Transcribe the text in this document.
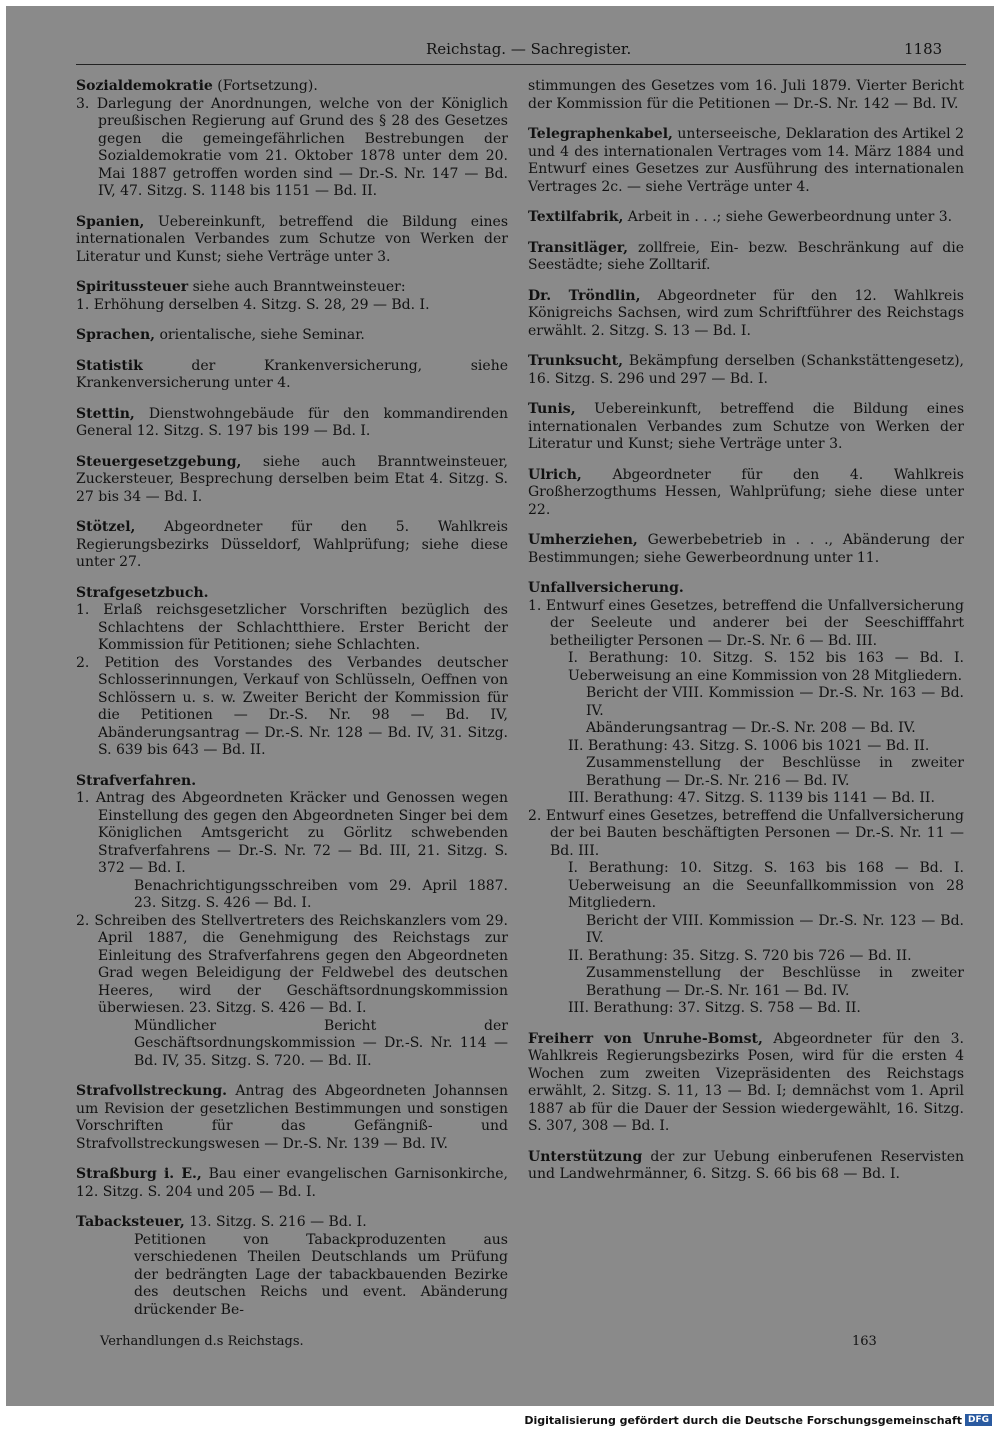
Reichstag. — Sachregister.	1183

Sozialdemokratie (Fortsetzung).

3. Darlegung der Anordnungen, welche von der Königlich preußischen Regierung auf Grund des § 28 des Gesetzes gegen die gemeingefährlichen Bestrebungen der Sozialdemokratie vom 21. Oktober 1878 unter dem 20. Mai 1887 getroffen worden sind — Dr.-S. Nr. 147 — Bd. IV, 47. Sitzg. S. 1148 bis 1151 — Bd. II.

Spanien, Uebereinkunft, betreffend die Bildung eines internationalen Verbandes zum Schutze von Werken der Literatur und Kunst; siehe Verträge unter 3.

Spiritussteuer siehe auch Branntweinsteuer:

1. Erhöhung derselben 4. Sitzg. S. 28, 29 — Bd. I.

Sprachen, orientalische, siehe Seminar.

Statistik der Krankenversicherung, siehe Krankenversicherung unter 4.

Stettin, Dienstwohngebäude für den kommandirenden General 12. Sitzg. S. 197 bis 199 — Bd. I.

Steuergesetzgebung, siehe auch Branntweinsteuer, Zuckersteuer, Besprechung derselben beim Etat 4. Sitzg. S. 27 bis 34 — Bd. I.

Stötzel, Abgeordneter für den 5. Wahlkreis Regierungsbezirks Düsseldorf, Wahlprüfung; siehe diese unter 27.

Strafgesetzbuch.

1. Erlaß reichsgesetzlicher Vorschriften bezüglich des Schlachtens der Schlachtthiere. Erster Bericht der Kommission für Petitionen; siehe Schlachten.

2. Petition des Vorstandes des Verbandes deutscher Schlosserinnungen, Verkauf von Schlüsseln, Oeffnen von Schlössern u. s. w. Zweiter Bericht der Kommission für die Petitionen — Dr.-S. Nr. 98 — Bd. IV, Abänderungsantrag — Dr.-S. Nr. 128 — Bd. IV, 31. Sitzg. S. 639 bis 643 — Bd. II.

Strafverfahren.

1. Antrag des Abgeordneten Kräcker und Genossen wegen Einstellung des gegen den Abgeordneten Singer bei dem Königlichen Amtsgericht zu Görlitz schwebenden Strafverfahrens — Dr.-S. Nr. 72 — Bd. III, 21. Sitzg. S. 372 — Bd. I.

Benachrichtigungsschreiben vom 29. April 1887. 23. Sitzg. S. 426 — Bd. I.

2. Schreiben des Stellvertreters des Reichskanzlers vom 29. April 1887, die Genehmigung des Reichstags zur Einleitung des Strafverfahrens gegen den Abgeordneten Grad wegen Beleidigung der Feldwebel des deutschen Heeres, wird der Geschäftsordnungskommission überwiesen. 23. Sitzg. S. 426 — Bd. I.

Mündlicher Bericht der Geschäftsordnungskommission — Dr.-S. Nr. 114 — Bd. IV, 35. Sitzg. S. 720. — Bd. II.

Strafvollstreckung. Antrag des Abgeordneten Johannsen um Revision der gesetzlichen Bestimmungen und sonstigen Vorschriften für das Gefängniß- und Strafvollstreckungswesen — Dr.-S. Nr. 139 — Bd. IV.

Straßburg i. E., Bau einer evangelischen Garnisonkirche, 12. Sitzg. S. 204 und 205 — Bd. I.

Tabacksteuer, 13. Sitzg. S. 216 — Bd. I.

Petitionen von Tabackproduzenten aus verschiedenen Theilen Deutschlands um Prüfung der bedrängten Lage der tabackbauenden Bezirke des deutschen Reichs und event. Abänderung drückender Be-

stimmungen des Gesetzes vom 16. Juli 1879. Vierter Bericht der Kommission für die Petitionen — Dr.-S. Nr. 142 — Bd. IV.

Telegraphenkabel, unterseeische, Deklaration des Artikel 2 und 4 des internationalen Vertrages vom 14. März 1884 und Entwurf eines Gesetzes zur Ausführung des internationalen Vertrages 2c. — siehe Verträge unter 4.

Textilfabrik, Arbeit in . . .; siehe Gewerbeordnung unter 3.

Transitläger, zollfreie, Ein- bezw. Beschränkung auf die Seestädte; siehe Zolltarif.

Dr. Tröndlin, Abgeordneter für den 12. Wahlkreis Königreichs Sachsen, wird zum Schriftführer des Reichstags erwählt. 2. Sitzg. S. 13 — Bd. I.

Trunksucht, Bekämpfung derselben (Schankstättengesetz), 16. Sitzg. S. 296 und 297 — Bd. I.

Tunis, Uebereinkunft, betreffend die Bildung eines internationalen Verbandes zum Schutze von Werken der Literatur und Kunst; siehe Verträge unter 3.

Ulrich, Abgeordneter für den 4. Wahlkreis Großherzogthums Hessen, Wahlprüfung; siehe diese unter 22.

Umherziehen, Gewerbebetrieb in . . ., Abänderung der Bestimmungen; siehe Gewerbeordnung unter 11.

Unfallversicherung.

1. Entwurf eines Gesetzes, betreffend die Unfallversicherung der Seeleute und anderer bei der Seeschifffahrt betheiligter Personen — Dr.-S. Nr. 6 — Bd. III.

I. Berathung: 10. Sitzg. S. 152 bis 163 — Bd. I. Ueberweisung an eine Kommission von 28 Mitgliedern.

Bericht der VIII. Kommission — Dr.-S. Nr. 163 — Bd. IV.

Abänderungsantrag — Dr.-S. Nr. 208 — Bd. IV.

II. Berathung: 43. Sitzg. S. 1006 bis 1021 — Bd. II.

Zusammenstellung der Beschlüsse in zweiter Berathung — Dr.-S. Nr. 216 — Bd. IV.

III. Berathung: 47. Sitzg. S. 1139 bis 1141 — Bd. II.

2. Entwurf eines Gesetzes, betreffend die Unfallversicherung der bei Bauten beschäftigten Personen — Dr.-S. Nr. 11 — Bd. III.

I. Berathung: 10. Sitzg. S. 163 bis 168 — Bd. I. Ueberweisung an die Seeunfallkommission von 28 Mitgliedern.

Bericht der VIII. Kommission — Dr.-S. Nr. 123 — Bd. IV.

II. Berathung: 35. Sitzg. S. 720 bis 726 — Bd. II.

Zusammenstellung der Beschlüsse in zweiter Berathung — Dr.-S. Nr. 161 — Bd. IV.

III. Berathung: 37. Sitzg. S. 758 — Bd. II.

Freiherr von Unruhe-Bomst, Abgeordneter für den 3. Wahlkreis Regierungsbezirks Posen, wird für die ersten 4 Wochen zum zweiten Vizepräsidenten des Reichstags erwählt, 2. Sitzg. S. 11, 13 — Bd. I; demnächst vom 1. April 1887 ab für die Dauer der Session wiedergewählt, 16. Sitzg. S. 307, 308 — Bd. I.

Unterstützung der zur Uebung einberufenen Reservisten und Landwehrmänner, 6. Sitzg. S. 66 bis 68 — Bd. I.

Verhandlungen d.s Reichstags.	163
Digitalisierung gefördert durch die Deutsche Forschungsgemeinschaft DFG
